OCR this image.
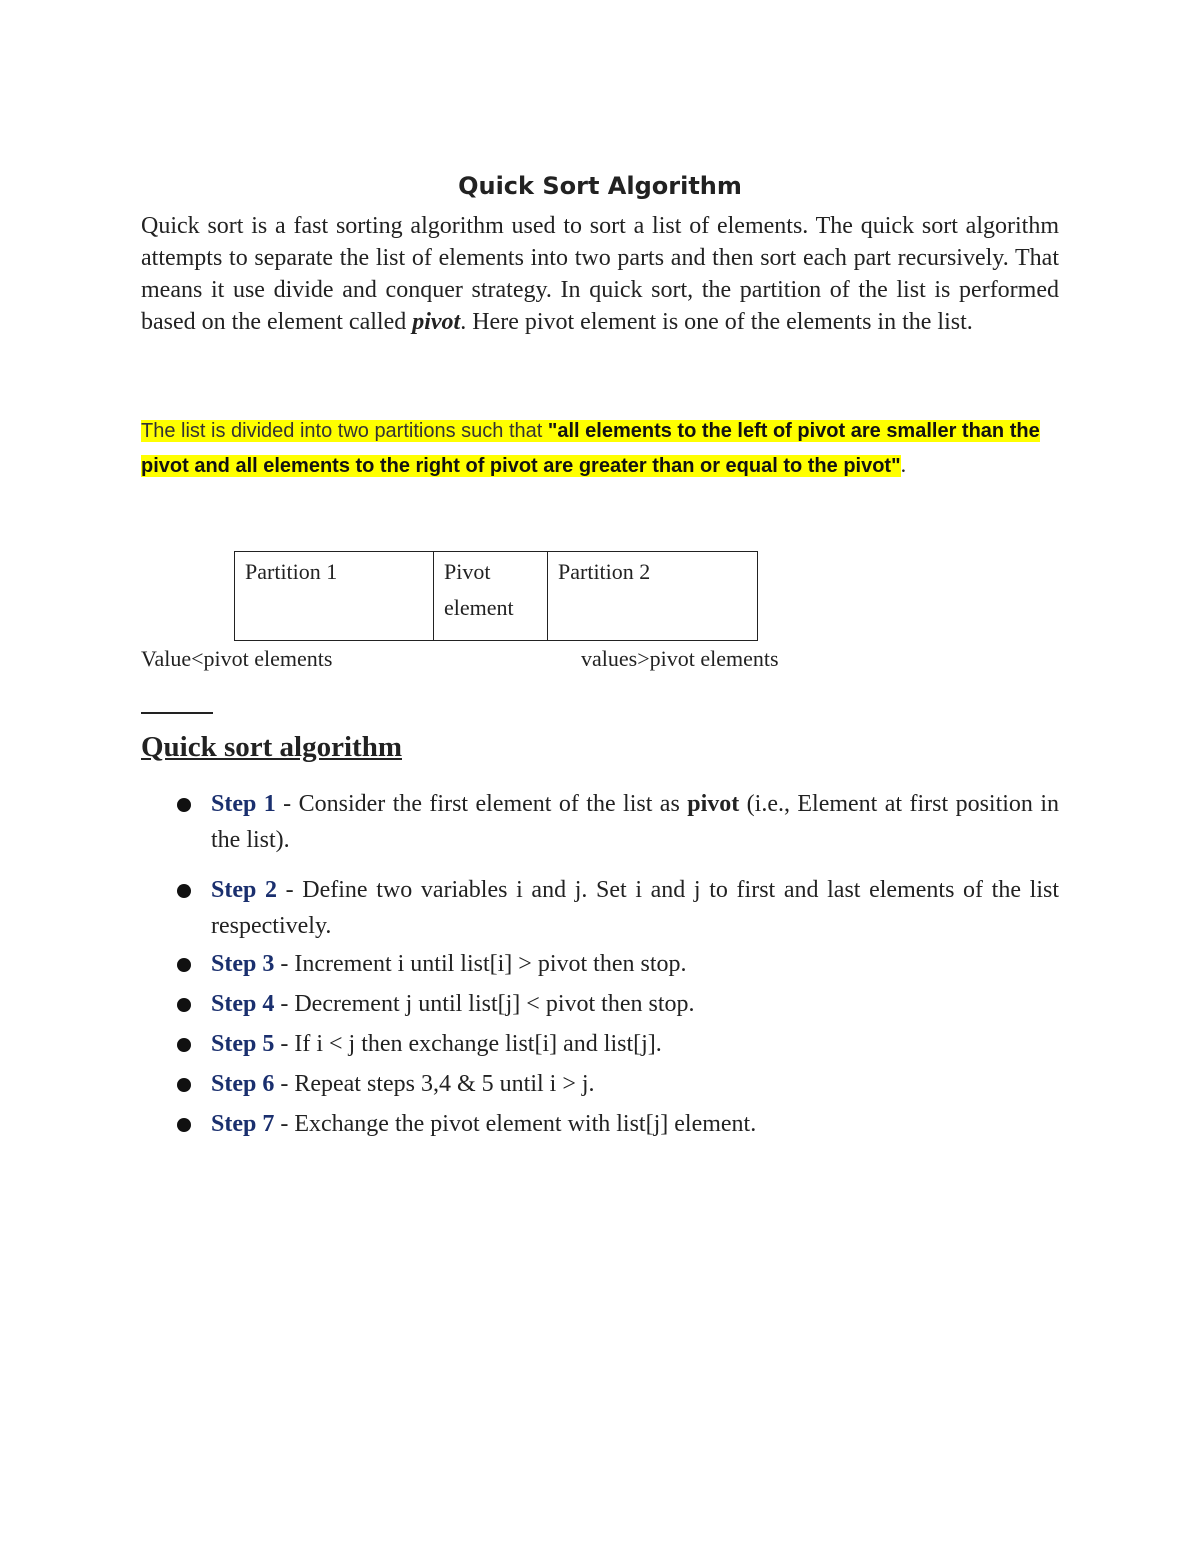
Quick Sort Algorithm
Quick sort is a fast sorting algorithm used to sort a list of elements. The quick sort algorithm attempts to separate the list of elements into two parts and then sort each part recursively. That means it use divide and conquer strategy. In quick sort, the partition of the list is performed based on the element called pivot. Here pivot element is one of the elements in the list.
The list is divided into two partitions such that "all elements to the left of pivot are smaller than the pivot and all elements to the right of pivot are greater than or equal to the pivot".
Partition 1	Pivot element	Partition 2
Value<pivot elements	values>pivot elements
Quick sort algorithm
Step 1 - Consider the first element of the list as pivot (i.e., Element at first position in the list).
Step 2 - Define two variables i and j. Set i and j to first and last elements of the list respectively.
Step 3 - Increment i until list[i] > pivot then stop.
Step 4 - Decrement j until list[j] < pivot then stop.
Step 5 - If i < j then exchange list[i] and list[j].
Step 6 - Repeat steps 3,4 & 5 until i > j.
Step 7 - Exchange the pivot element with list[j] element.
